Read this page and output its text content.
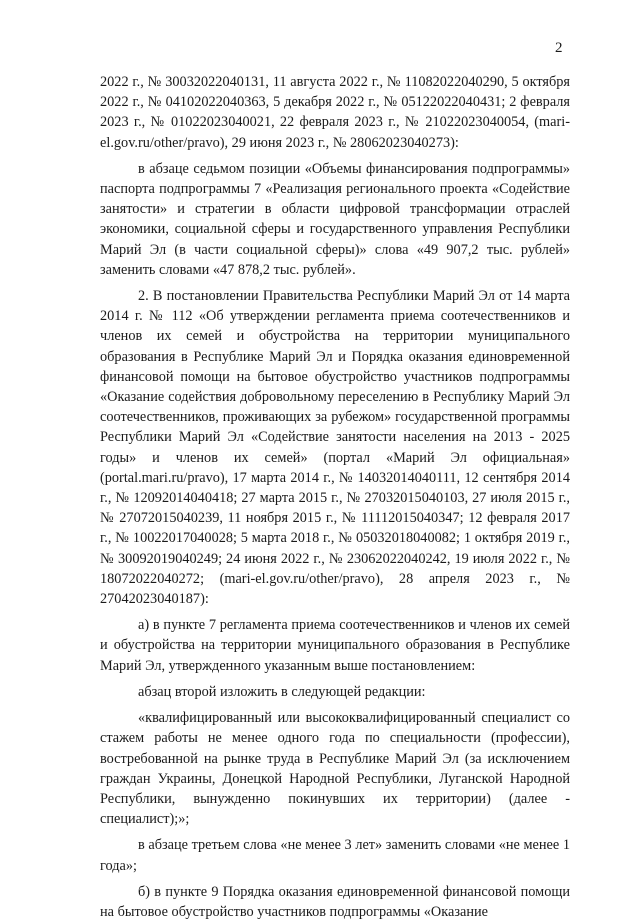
2

2022 г., № 30032022040131, 11 августа 2022 г., № 11082022040290, 5 октября 2022 г., № 04102022040363, 5 декабря 2022 г., № 05122022040431; 2 февраля 2023 г., № 01022023040021, 22 февраля 2023 г., № 21022023040054, (mari-el.gov.ru/other/pravo), 29 июня 2023 г., № 28062023040273):

в абзаце седьмом позиции «Объемы финансирования подпрограммы» паспорта подпрограммы 7 «Реализация регионального проекта «Содействие занятости» и стратегии в области цифровой трансформации отраслей экономики, социальной сферы и государственного управления Республики Марий Эл (в части социальной сферы)» слова «49 907,2 тыс. рублей» заменить словами «47 878,2 тыс. рублей».

2. В постановлении Правительства Республики Марий Эл от 14 марта 2014 г. № 112 «Об утверждении регламента приема соотечественников и членов их семей и обустройства на территории муниципального образования в Республике Марий Эл и Порядка оказания единовременной финансовой помощи на бытовое обустройство участников подпрограммы «Оказание содействия добровольному переселению в Республику Марий Эл соотечественников, проживающих за рубежом» государственной программы Республики Марий Эл «Содействие занятости населения на 2013 - 2025 годы» и членов их семей» (портал «Марий Эл официальная» (portal.mari.ru/pravo), 17 марта 2014 г., № 14032014040111, 12 сентября 2014 г., № 12092014040418; 27 марта 2015 г., № 27032015040103, 27 июля 2015 г., № 27072015040239, 11 ноября 2015 г., № 11112015040347; 12 февраля 2017 г., № 10022017040028; 5 марта 2018 г., № 05032018040082; 1 октября 2019 г., № 30092019040249; 24 июня 2022 г., № 23062022040242, 19 июля 2022 г., № 18072022040272; (mari-el.gov.ru/other/pravo), 28 апреля 2023 г., № 27042023040187):

а) в пункте 7 регламента приема соотечественников и членов их семей и обустройства на территории муниципального образования в Республике Марий Эл, утвержденного указанным выше постановлением:

абзац второй изложить в следующей редакции:

«квалифицированный или высококвалифицированный специалист со стажем работы не менее одного года по специальности (профессии), востребованной на рынке труда в Республике Марий Эл (за исключением граждан Украины, Донецкой Народной Республики, Луганской Народной Республики, вынужденно покинувших их территории) (далее - специалист);»;

в абзаце третьем слова «не менее 3 лет» заменить словами «не менее 1 года»;

б) в пункте 9 Порядка оказания единовременной финансовой помощи на бытовое обустройство участников подпрограммы «Оказание
